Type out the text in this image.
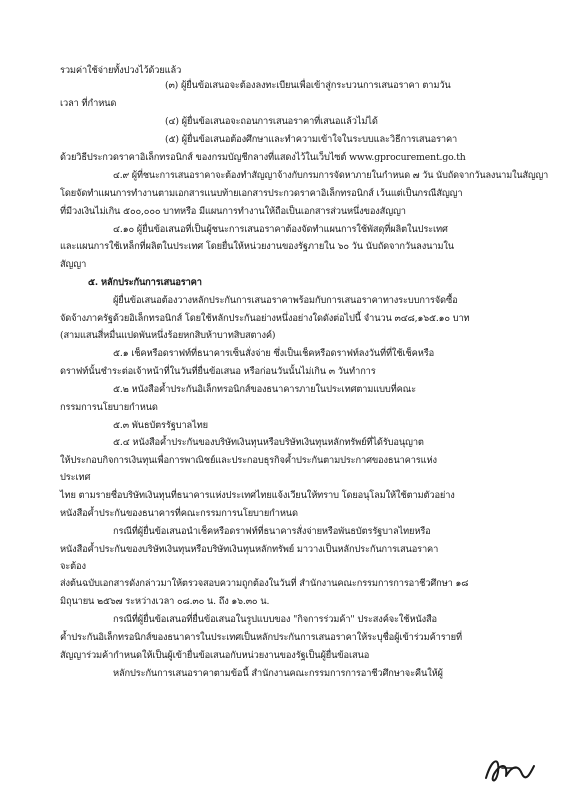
รวมค่าใช้จ่ายทั้งปวงไว้ด้วยแล้ว
(๓) ผู้ยื่นข้อเสนอจะต้องลงทะเบียนเพื่อเข้าสู่กระบวนการเสนอราคา ตามวัน
เวลา ที่กำหนด
(๔) ผู้ยื่นข้อเสนอจะถอนการเสนอราคาที่เสนอแล้วไม่ได้
(๕) ผู้ยื่นข้อเสนอต้องศึกษาและทำความเข้าใจในระบบและวิธีการเสนอราคา
ด้วยวิธีประกวดราคาอิเล็กทรอนิกส์ ของกรมบัญชีกลางที่แสดงไว้ในเว็บไซต์ www.gprocurement.go.th
๔.๙ ผู้ที่ชนะการเสนอราคาจะต้องทำสัญญาจ้างกับกรมการจัดหาภายในกำหนด ๗ วัน นับถัดจากวันลงนามในสัญญา
โดยจัดทำแผนการทำงานตามเอกสารแนบท้ายเอกสารประกวดราคาอิเล็กทรอนิกส์ เว้นแต่เป็นกรณีสัญญา
ที่มีวงเงินไม่เกิน ๕๐๐,๐๐๐ บาทหรือ มีแผนการทำงานให้ถือเป็นเอกสารส่วนหนึ่งของสัญญา
๔.๑๐ ผู้ยื่นข้อเสนอที่เป็นผู้ชนะการเสนอราคาต้องจัดทำแผนการใช้พัสดุที่ผลิตในประเทศ
และแผนการใช้เหล็กที่ผลิตในประเทศ โดยยื่นให้หน่วยงานของรัฐภายใน ๖๐ วัน นับถัดจากวันลงนามใน
สัญญา
๕. หลักประกันการเสนอราคา
ผู้ยื่นข้อเสนอต้องวางหลักประกันการเสนอราคาพร้อมกับการเสนอราคาทางระบบการจัดซื้อ
จัดจ้างภาครัฐด้วยอิเล็กทรอนิกส์ โดยใช้หลักประกันอย่างหนึ่งอย่างใดดังต่อไปนี้ จำนวน ๓๔๘,๑๖๕.๑๐ บาท
(สามแสนสี่หมื่นแปดพันหนึ่งร้อยหกสิบห้าบาทสิบสตางค์)
๕.๑ เช็คหรือดราฟท์ที่ธนาคารเซ็นสั่งจ่าย ซึ่งเป็นเช็คหรือดราฟท์ลงวันที่ที่ใช้เช็คหรือ
ดราฟท์นั้นชำระต่อเจ้าหน้าที่ในวันที่ยื่นข้อเสนอ หรือก่อนวันนั้นไม่เกิน ๓ วันทำการ
๕.๒ หนังสือค้ำประกันอิเล็กทรอนิกส์ของธนาคารภายในประเทศตามแบบที่คณะ
กรรมการนโยบายกำหนด
๕.๓ พันธบัตรรัฐบาลไทย
๕.๔ หนังสือค้ำประกันของบริษัทเงินทุนหรือบริษัทเงินทุนหลักทรัพย์ที่ได้รับอนุญาต
ให้ประกอบกิจการเงินทุนเพื่อการพาณิชย์และประกอบธุรกิจค้ำประกันตามประกาศของธนาคารแห่ง
ประเทศ
ไทย ตามรายชื่อบริษัทเงินทุนที่ธนาคารแห่งประเทศไทยแจ้งเวียนให้ทราบ โดยอนุโลมให้ใช้ตามตัวอย่าง
หนังสือค้ำประกันของธนาคารที่คณะกรรมการนโยบายกำหนด
กรณีที่ผู้ยื่นข้อเสนอนำเช็คหรือดราฟท์ที่ธนาคารสั่งจ่ายหรือพันธบัตรรัฐบาลไทยหรือ
หนังสือค้ำประกันของบริษัทเงินทุนหรือบริษัทเงินทุนหลักทรัพย์ มาวางเป็นหลักประกันการเสนอราคา
จะต้อง
ส่งต้นฉบับเอกสารดังกล่าวมาให้ตรวจสอบความถูกต้องในวันที่ สำนักงานคณะกรรมการการอาชีวศึกษา ๑๘
มิถุนายน ๒๕๖๗ ระหว่างเวลา ๐๘.๓๐ น. ถึง ๑๖.๓๐ น.
กรณีที่ผู้ยื่นข้อเสนอที่ยื่นข้อเสนอในรูปแบบของ "กิจการร่วมค้า" ประสงค์จะใช้หนังสือ
ค้ำประกันอิเล็กทรอนิกส์ของธนาคารในประเทศเป็นหลักประกันการเสนอราคาให้ระบุชื่อผู้เข้าร่วมค้ารายที่
สัญญาร่วมค้ากำหนดให้เป็นผู้เข้ายื่นข้อเสนอกับหน่วยงานของรัฐเป็นผู้ยื่นข้อเสนอ
หลักประกันการเสนอราคาตามข้อนี้ สำนักงานคณะกรรมการการอาชีวศึกษาจะคืนให้ผู้
